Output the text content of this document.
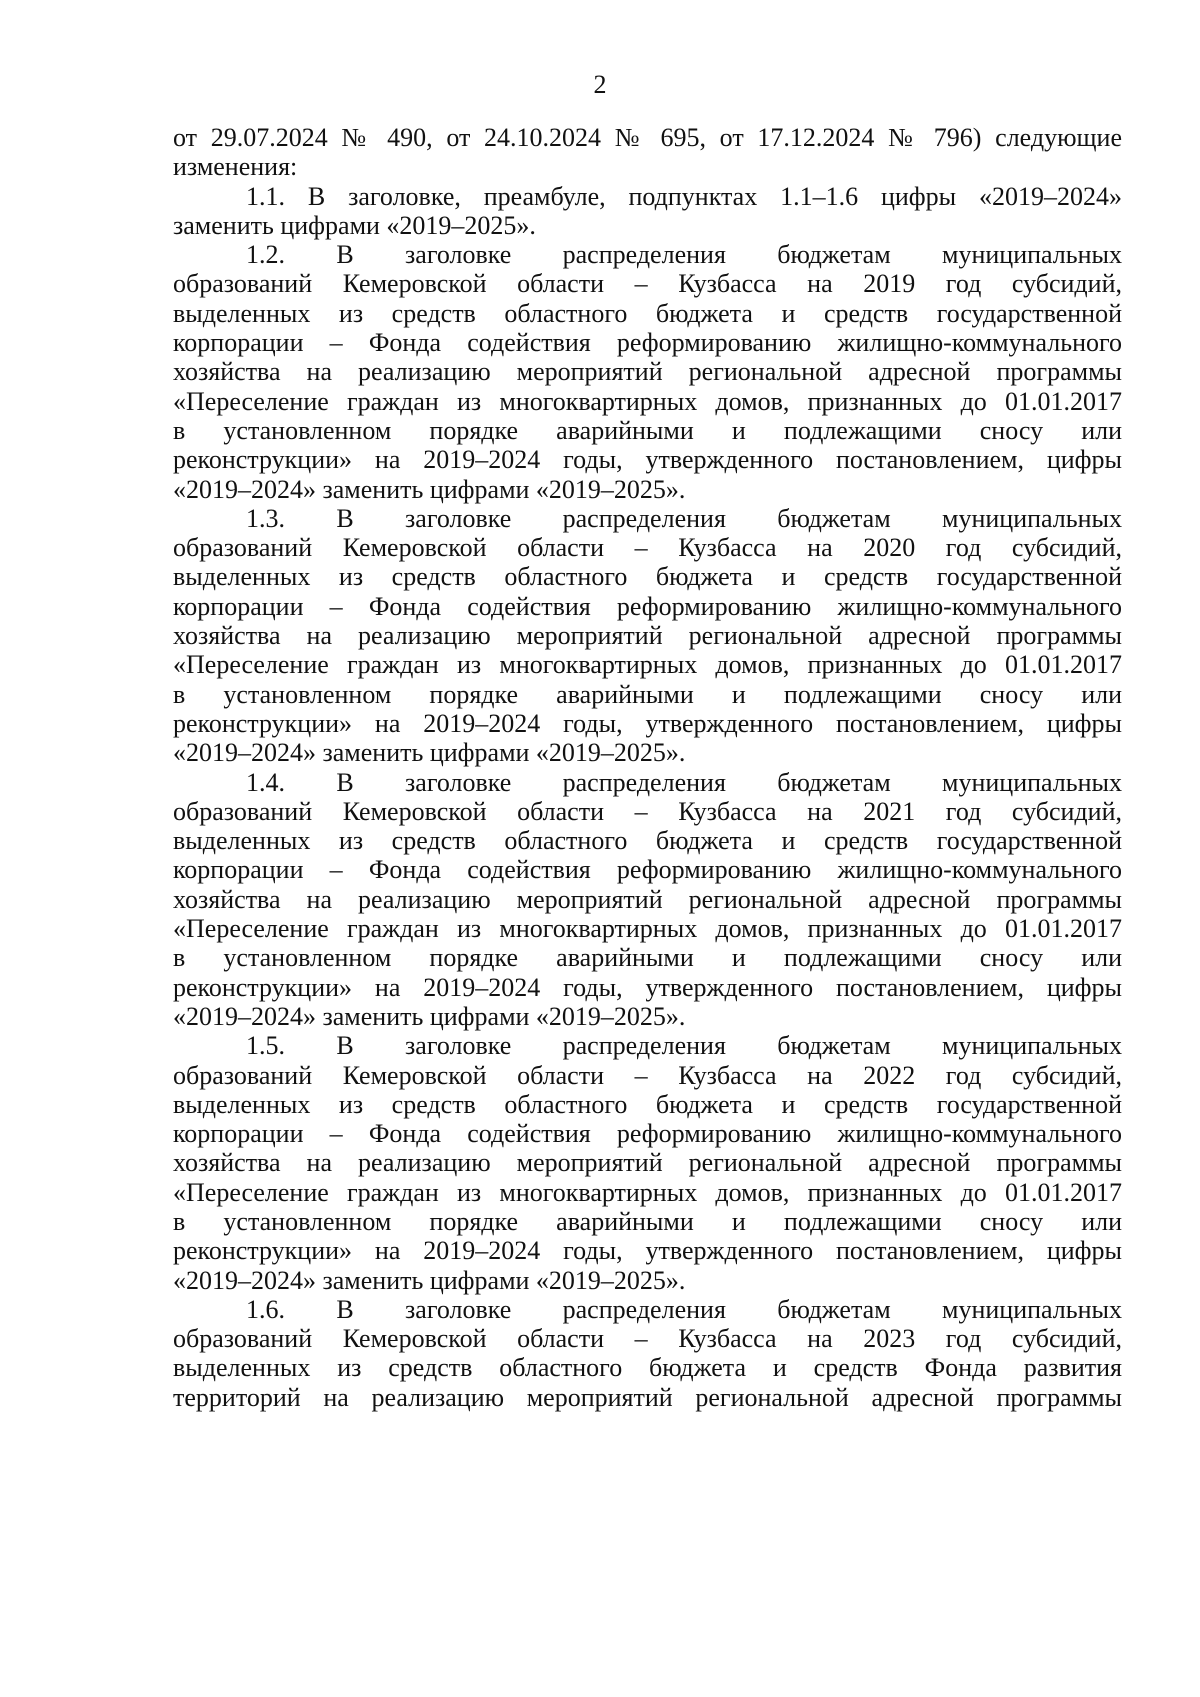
2
от 29.07.2024 № 490, от 24.10.2024 № 695, от 17.12.2024 № 796) следующие
изменения:
1.1. В заголовке, преамбуле, подпунктах 1.1–1.6 цифры «2019–2024»
заменить цифрами «2019–2025».
1.2. В заголовке распределения бюджетам муниципальных
образований Кемеровской области – Кузбасса на 2019 год субсидий,
выделенных из средств областного бюджета и средств государственной
корпорации – Фонда содействия реформированию жилищно-коммунального
хозяйства на реализацию мероприятий региональной адресной программы
«Переселение граждан из многоквартирных домов, признанных до 01.01.2017
в установленном порядке аварийными и подлежащими сносу или
реконструкции» на 2019–2024 годы, утвержденного постановлением, цифры
«2019–2024» заменить цифрами «2019–2025».
1.3. В заголовке распределения бюджетам муниципальных
образований Кемеровской области – Кузбасса на 2020 год субсидий,
выделенных из средств областного бюджета и средств государственной
корпорации – Фонда содействия реформированию жилищно-коммунального
хозяйства на реализацию мероприятий региональной адресной программы
«Переселение граждан из многоквартирных домов, признанных до 01.01.2017
в установленном порядке аварийными и подлежащими сносу или
реконструкции» на 2019–2024 годы, утвержденного постановлением, цифры
«2019–2024» заменить цифрами «2019–2025».
1.4. В заголовке распределения бюджетам муниципальных
образований Кемеровской области – Кузбасса на 2021 год субсидий,
выделенных из средств областного бюджета и средств государственной
корпорации – Фонда содействия реформированию жилищно-коммунального
хозяйства на реализацию мероприятий региональной адресной программы
«Переселение граждан из многоквартирных домов, признанных до 01.01.2017
в установленном порядке аварийными и подлежащими сносу или
реконструкции» на 2019–2024 годы, утвержденного постановлением, цифры
«2019–2024» заменить цифрами «2019–2025».
1.5. В заголовке распределения бюджетам муниципальных
образований Кемеровской области – Кузбасса на 2022 год субсидий,
выделенных из средств областного бюджета и средств государственной
корпорации – Фонда содействия реформированию жилищно-коммунального
хозяйства на реализацию мероприятий региональной адресной программы
«Переселение граждан из многоквартирных домов, признанных до 01.01.2017
в установленном порядке аварийными и подлежащими сносу или
реконструкции» на 2019–2024 годы, утвержденного постановлением, цифры
«2019–2024» заменить цифрами «2019–2025».
1.6. В заголовке распределения бюджетам муниципальных
образований Кемеровской области – Кузбасса на 2023 год субсидий,
выделенных из средств областного бюджета и средств Фонда развития
территорий на реализацию мероприятий региональной адресной программы
